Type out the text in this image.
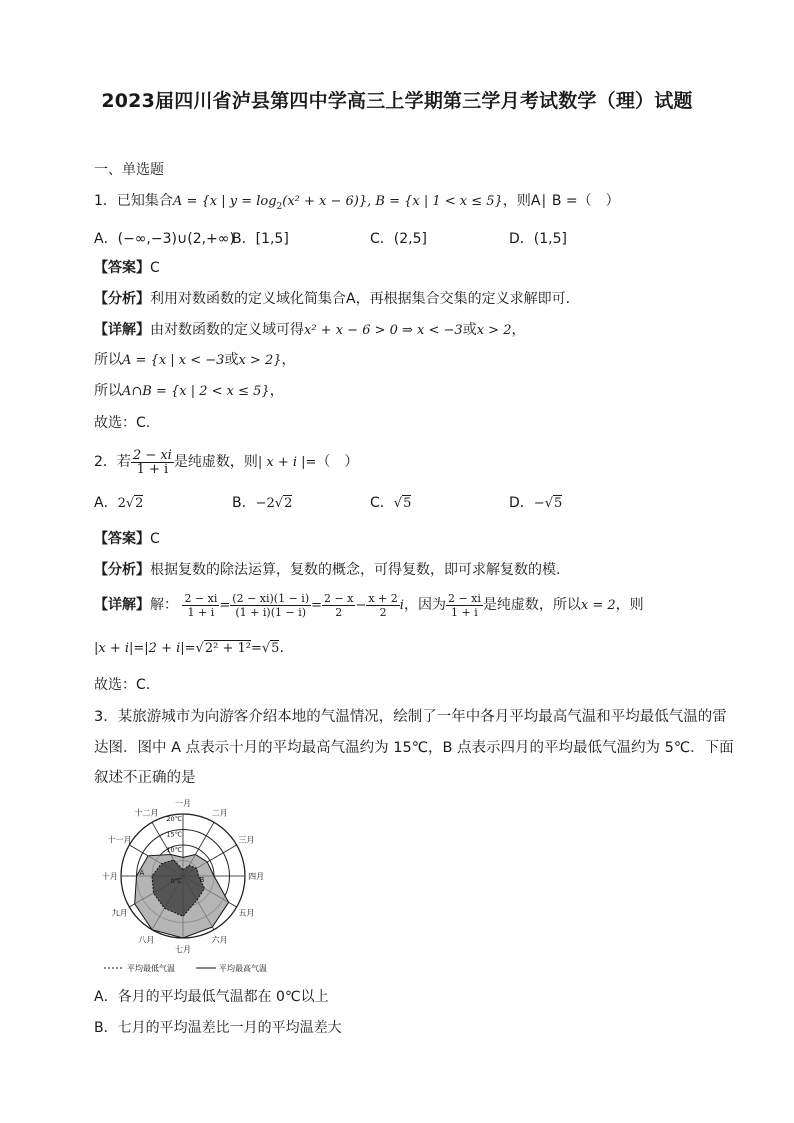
2023届四川省泸县第四中学高三上学期第三学月考试数学（理）试题
一、单选题
1．已知集合A = {x | $y = \log_2(x^2 + x - 6)$}, B = {x | 1 < x ≤ 5}，则A∣ B =（　）
A．(−∞,−3)∪(2,+∞)
B．[1,5]	C．(2,5]	D．(1,5]
【答案】C
【分析】利用对数函数的定义域化简集合A，再根据集合交集的定义求解即可.
【详解】由对数函数的定义域可得x² + x − 6 > 0 ⇒ x < −3或x > 2，
所以A = {x | x < −3或x > 2}，
所以A∩B = {x | 2 < x ≤ 5}，
故选：C.
2．若 $\frac{2 - xi}{1 + i}$ 是纯虚数，则| x + i |=（　）
A．2√2	B．−2√2	C．√5	D．−√5
【答案】C
【分析】根据复数的除法运算，复数的概念，可得复数，即可求解复数的模.
【详解】解： $\frac{2 - xi}{1 + i} = \frac{(2 - xi)(1 - i)}{(1 + i)(1 - i)} = \frac{2 - x}{2} - \frac{x + 2}{2}$ i，因为 $\frac{2 - xi}{1 + i}$ 是纯虚数，所以x = 2，则
|x + i|=|2 + i|=√2² + 1²=√5.
故选：C．
3．某旅游城市为向游客介绍本地的气温情况，绘制了一年中各月平均最高气温和平均最低气温的雷
达图．图中 A 点表示十月的平均最高气温约为 15℃，B 点表示四月的平均最低气温约为 5℃．下面
叙述不正确的是
一月
二月
三月
四月
五月
六月
七月
八月
九月
十月
十一月
十二月
0℃
10℃
15℃
20℃
A
B
平均最低气温	平均最高气温
A．各月的平均最低气温都在 0℃以上
B．七月的平均温差比一月的平均温差大
